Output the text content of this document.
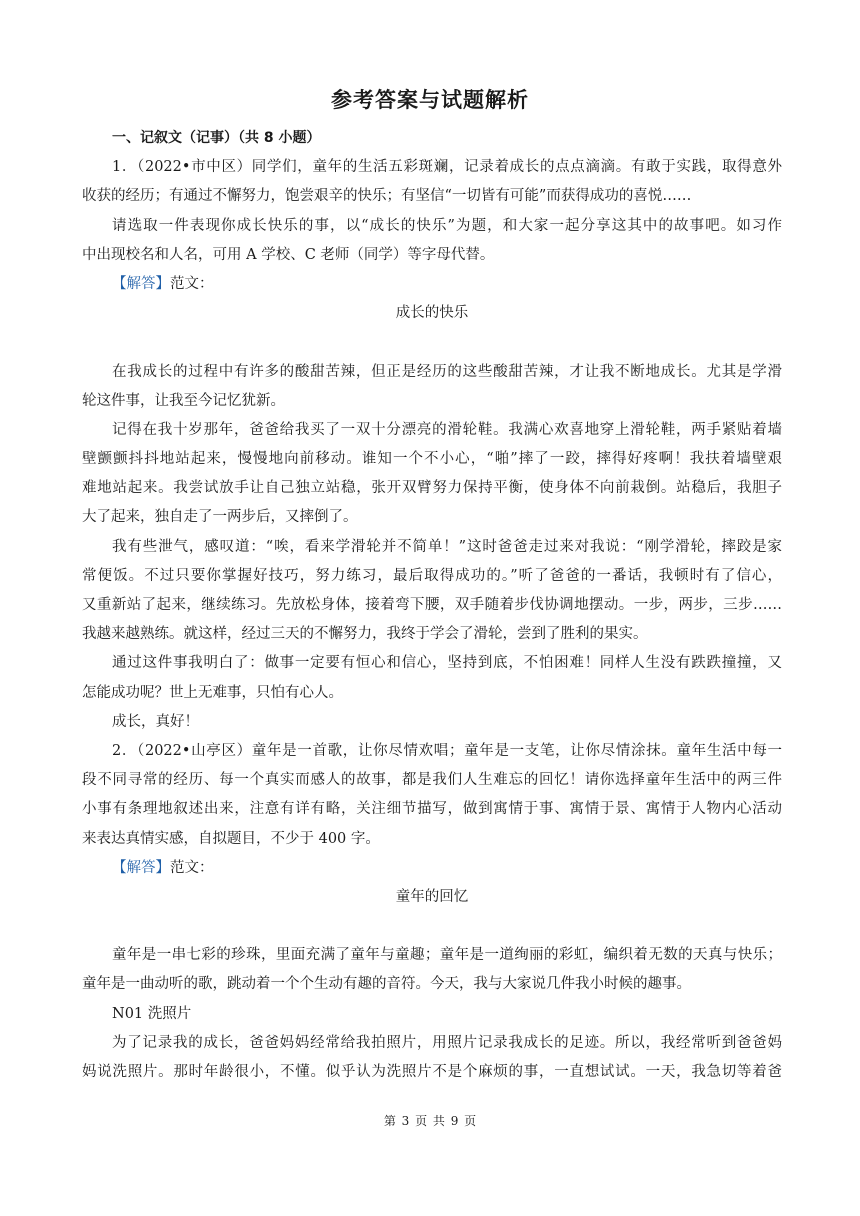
参考答案与试题解析
一、记叙文（记事）（共 8 小题）
1．（2022•市中区）同学们，童年的生活五彩斑斓，记录着成长的点点滴滴。有敢于实践，取得意外
收获的经历；有通过不懈努力，饱尝艰辛的快乐；有坚信“一切皆有可能”而获得成功的喜悦……
请选取一件表现你成长快乐的事，以“成长的快乐”为题，和大家一起分享这其中的故事吧。如习作
中出现校名和人名，可用 A 学校、C 老师（同学）等字母代替。
【解答】范文：
成长的快乐
在我成长的过程中有许多的酸甜苦辣，但正是经历的这些酸甜苦辣，才让我不断地成长。尤其是学滑
轮这件事，让我至今记忆犹新。
记得在我十岁那年，爸爸给我买了一双十分漂亮的滑轮鞋。我满心欢喜地穿上滑轮鞋，两手紧贴着墙
壁颤颤抖抖地站起来，慢慢地向前移动。谁知一个不小心，“啪”摔了一跤，摔得好疼啊！我扶着墙壁艰
难地站起来。我尝试放手让自己独立站稳，张开双臂努力保持平衡，使身体不向前栽倒。站稳后，我胆子
大了起来，独自走了一两步后，又摔倒了。
我有些泄气，感叹道：“唉，看来学滑轮并不简单！”这时爸爸走过来对我说：“刚学滑轮，摔跤是家
常便饭。不过只要你掌握好技巧，努力练习，最后取得成功的。”听了爸爸的一番话，我顿时有了信心，
又重新站了起来，继续练习。先放松身体，接着弯下腰，双手随着步伐协调地摆动。一步，两步，三步……
我越来越熟练。就这样，经过三天的不懈努力，我终于学会了滑轮，尝到了胜利的果实。
通过这件事我明白了：做事一定要有恒心和信心，坚持到底，不怕困难！同样人生没有跌跌撞撞，又
怎能成功呢？世上无难事，只怕有心人。
成长，真好！
2．（2022•山亭区）童年是一首歌，让你尽情欢唱；童年是一支笔，让你尽情涂抹。童年生活中每一
段不同寻常的经历、每一个真实而感人的故事，都是我们人生难忘的回忆！请你选择童年生活中的两三件
小事有条理地叙述出来，注意有详有略，关注细节描写，做到寓情于事、寓情于景、寓情于人物内心活动
来表达真情实感，自拟题目，不少于 400 字。
【解答】范文：
童年的回忆
童年是一串七彩的珍珠，里面充满了童年与童趣；童年是一道绚丽的彩虹，编织着无数的天真与快乐；
童年是一曲动听的歌，跳动着一个个生动有趣的音符。今天，我与大家说几件我小时候的趣事。
N01 洗照片
为了记录我的成长，爸爸妈妈经常给我拍照片，用照片记录我成长的足迹。所以，我经常听到爸爸妈
妈说洗照片。那时年龄很小，不懂。似乎认为洗照片不是个麻烦的事，一直想试试。一天，我急切等着爸
第 3 页 共 9 页
